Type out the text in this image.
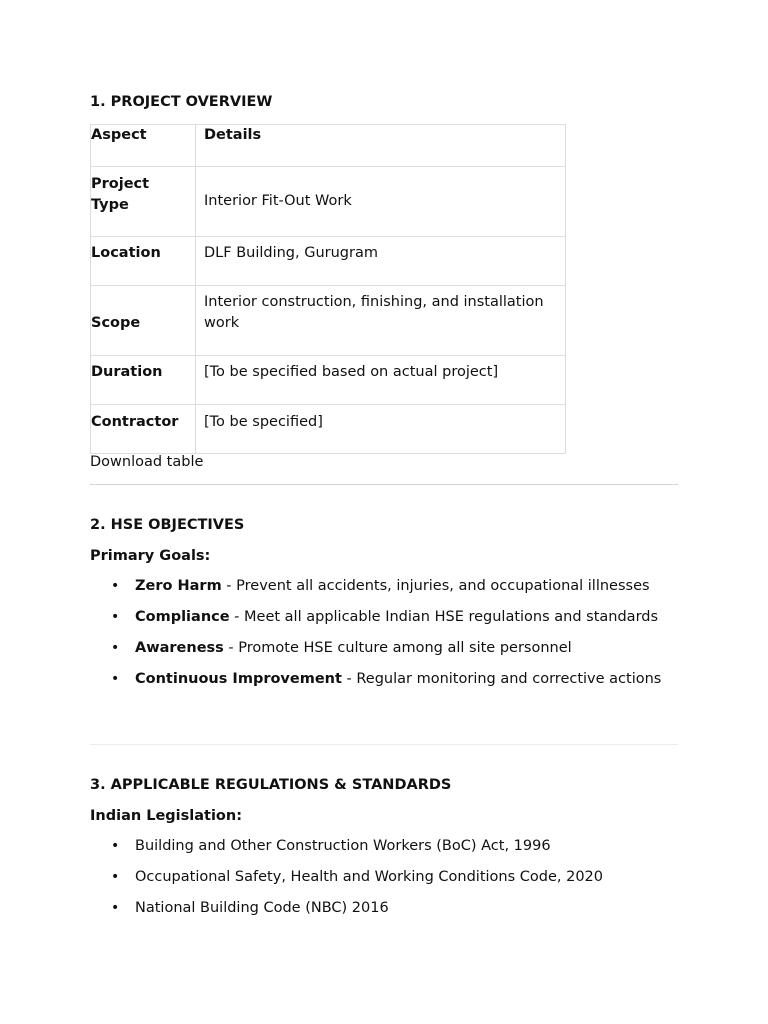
1. PROJECT OVERVIEW
Aspect	Details
Project Type	Interior Fit-Out Work
Location	DLF Building, Gurugram
Scope	Interior construction, finishing, and installation work
Duration	[To be specified based on actual project]
Contractor	[To be specified]
Download table
2. HSE OBJECTIVES
Primary Goals:
• Zero Harm - Prevent all accidents, injuries, and occupational illnesses
• Compliance - Meet all applicable Indian HSE regulations and standards
• Awareness - Promote HSE culture among all site personnel
• Continuous Improvement - Regular monitoring and corrective actions
3. APPLICABLE REGULATIONS & STANDARDS
Indian Legislation:
• Building and Other Construction Workers (BoC) Act, 1996
• Occupational Safety, Health and Working Conditions Code, 2020
• National Building Code (NBC) 2016
